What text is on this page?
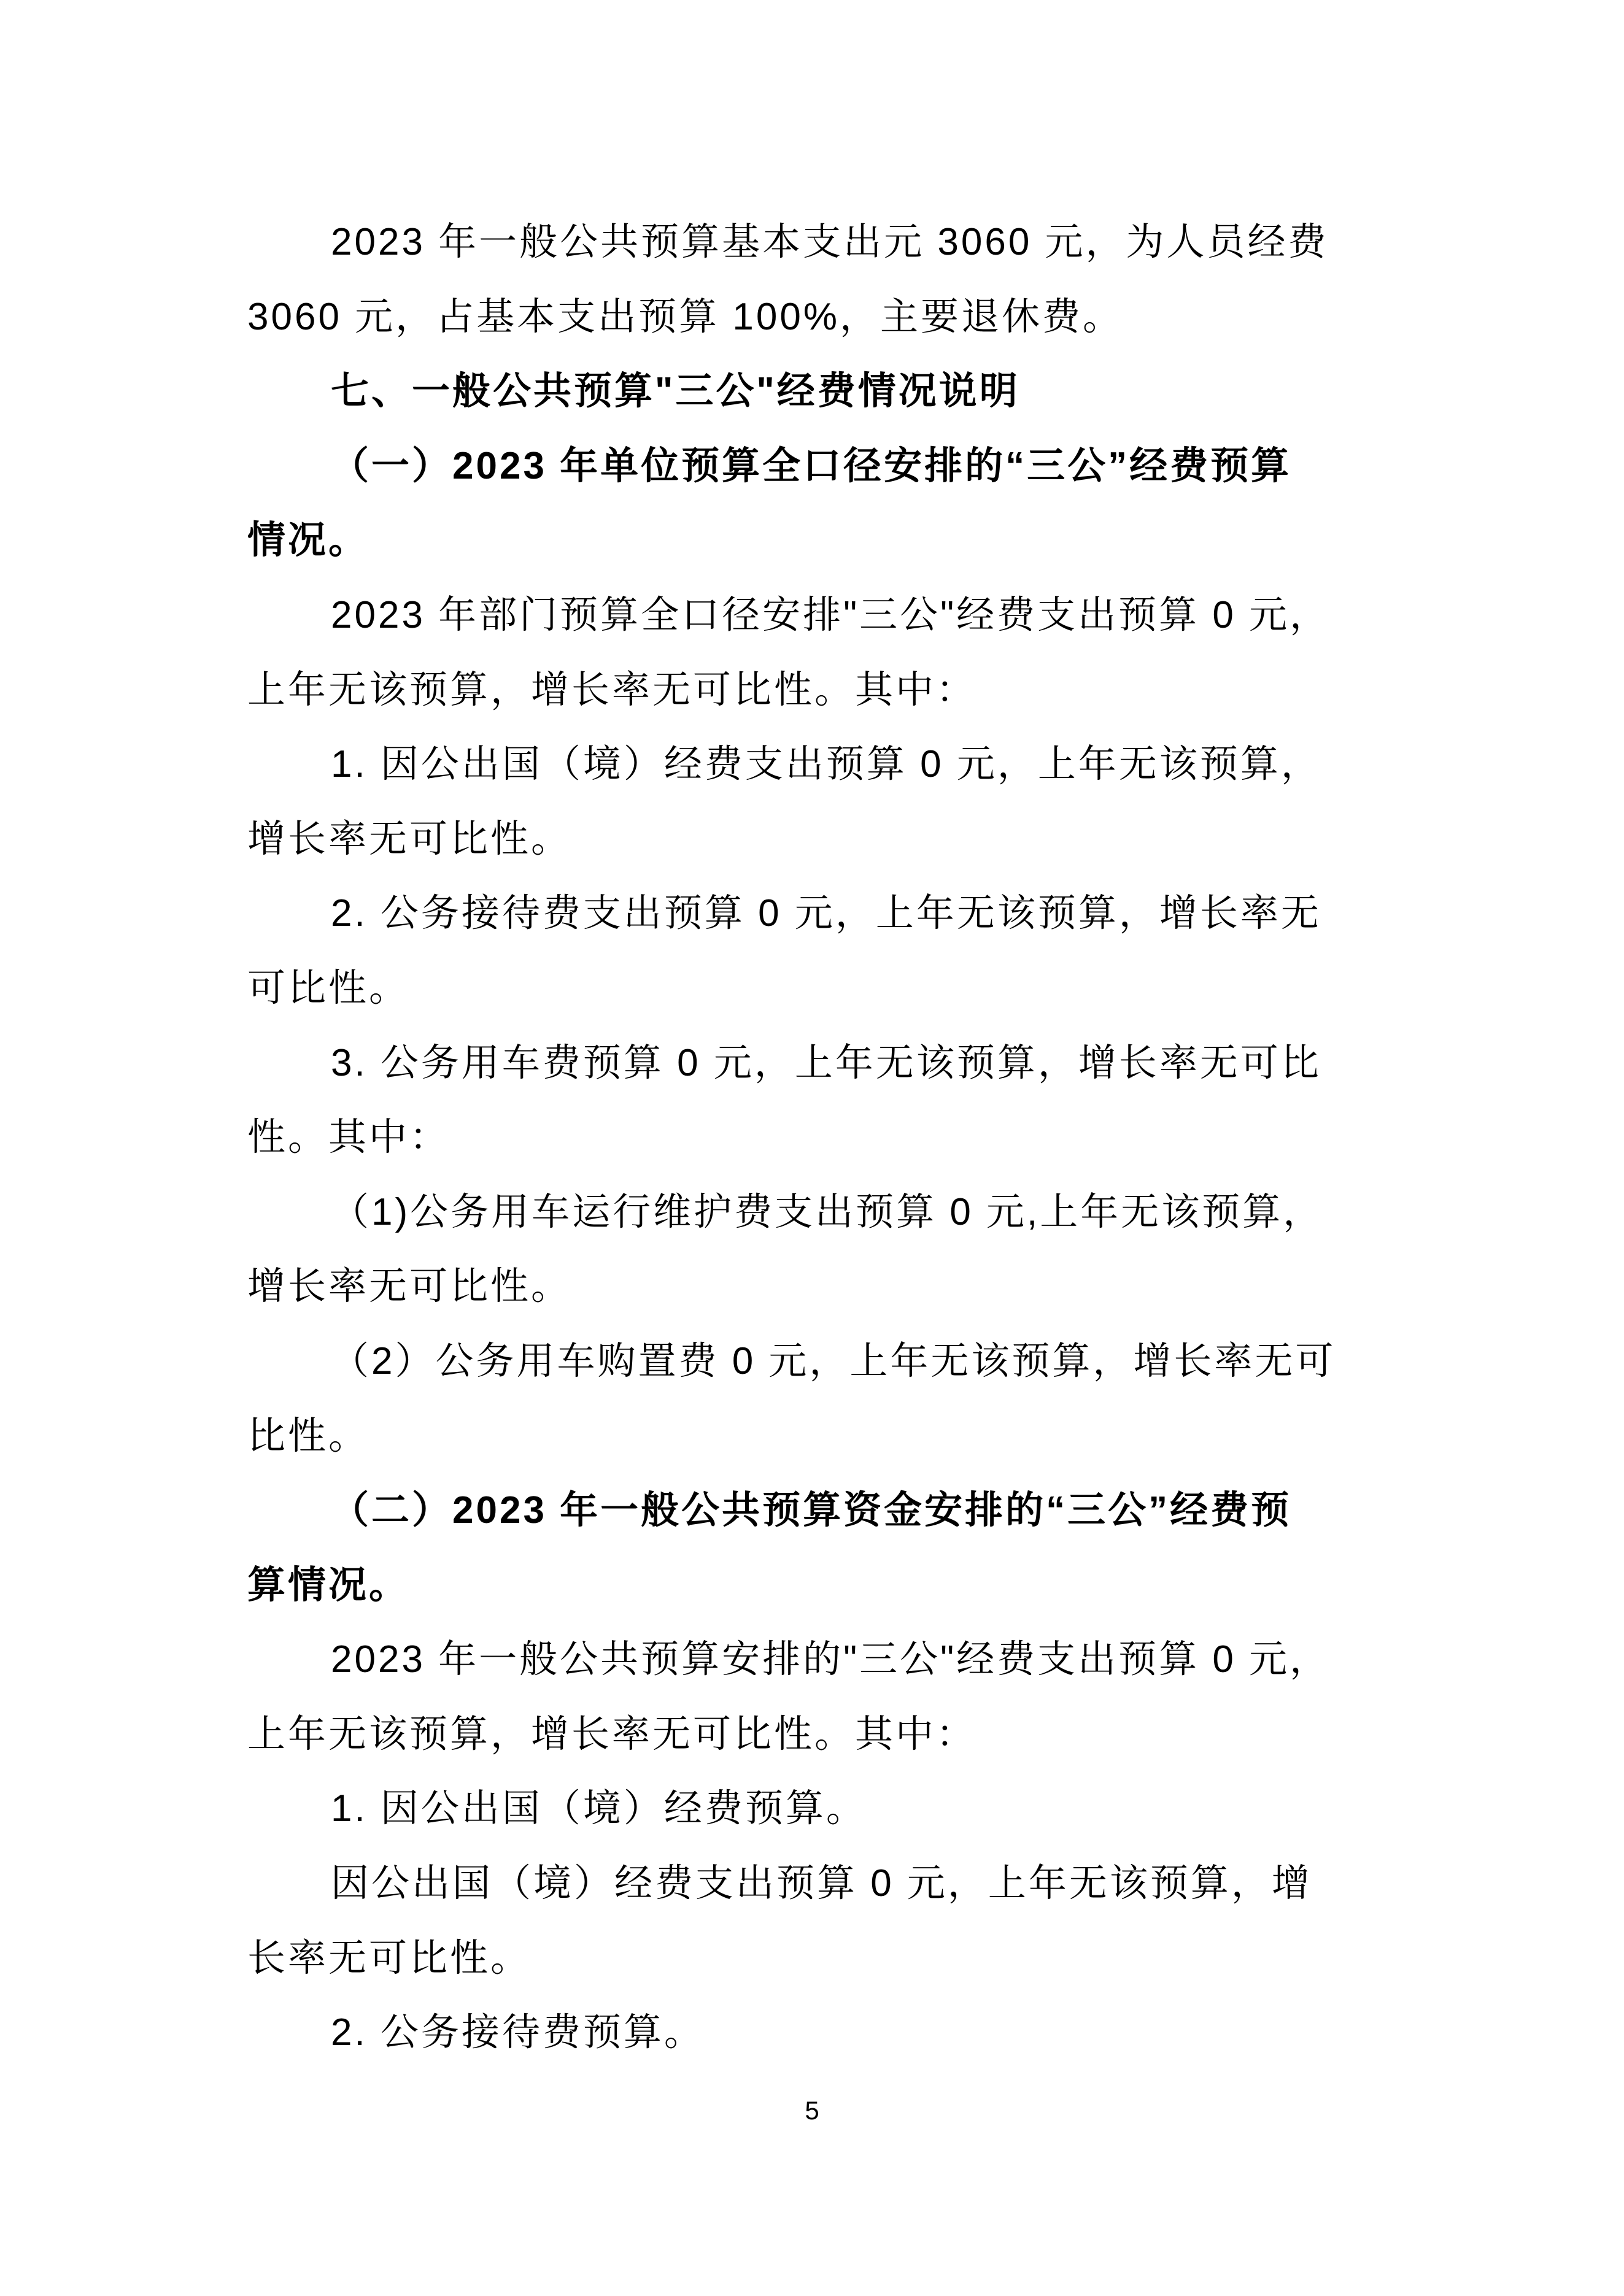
2023 年一般公共预算基本支出元 3060 元，为人员经费
3060 元，占基本支出预算 100%，主要退休费。
七、一般公共预算"三公"经费情况说明
（一）2023 年单位预算全口径安排的“三公”经费预算
情况。
2023 年部门预算全口径安排"三公"经费支出预算 0 元，
上年无该预算，增长率无可比性。其中：
1. 因公出国（境）经费支出预算 0 元，上年无该预算，
增长率无可比性。
2. 公务接待费支出预算 0 元，上年无该预算，增长率无
可比性。
3. 公务用车费预算 0 元，上年无该预算，增长率无可比
性。其中：
（1)公务用车运行维护费支出预算 0 元,上年无该预算，
增长率无可比性。
（2）公务用车购置费 0 元，上年无该预算，增长率无可
比性。
（二）2023 年一般公共预算资金安排的“三公”经费预
算情况。
2023 年一般公共预算安排的"三公"经费支出预算 0 元，
上年无该预算，增长率无可比性。其中：
1. 因公出国（境）经费预算。
因公出国（境）经费支出预算 0 元，上年无该预算，增
长率无可比性。
2. 公务接待费预算。
5
